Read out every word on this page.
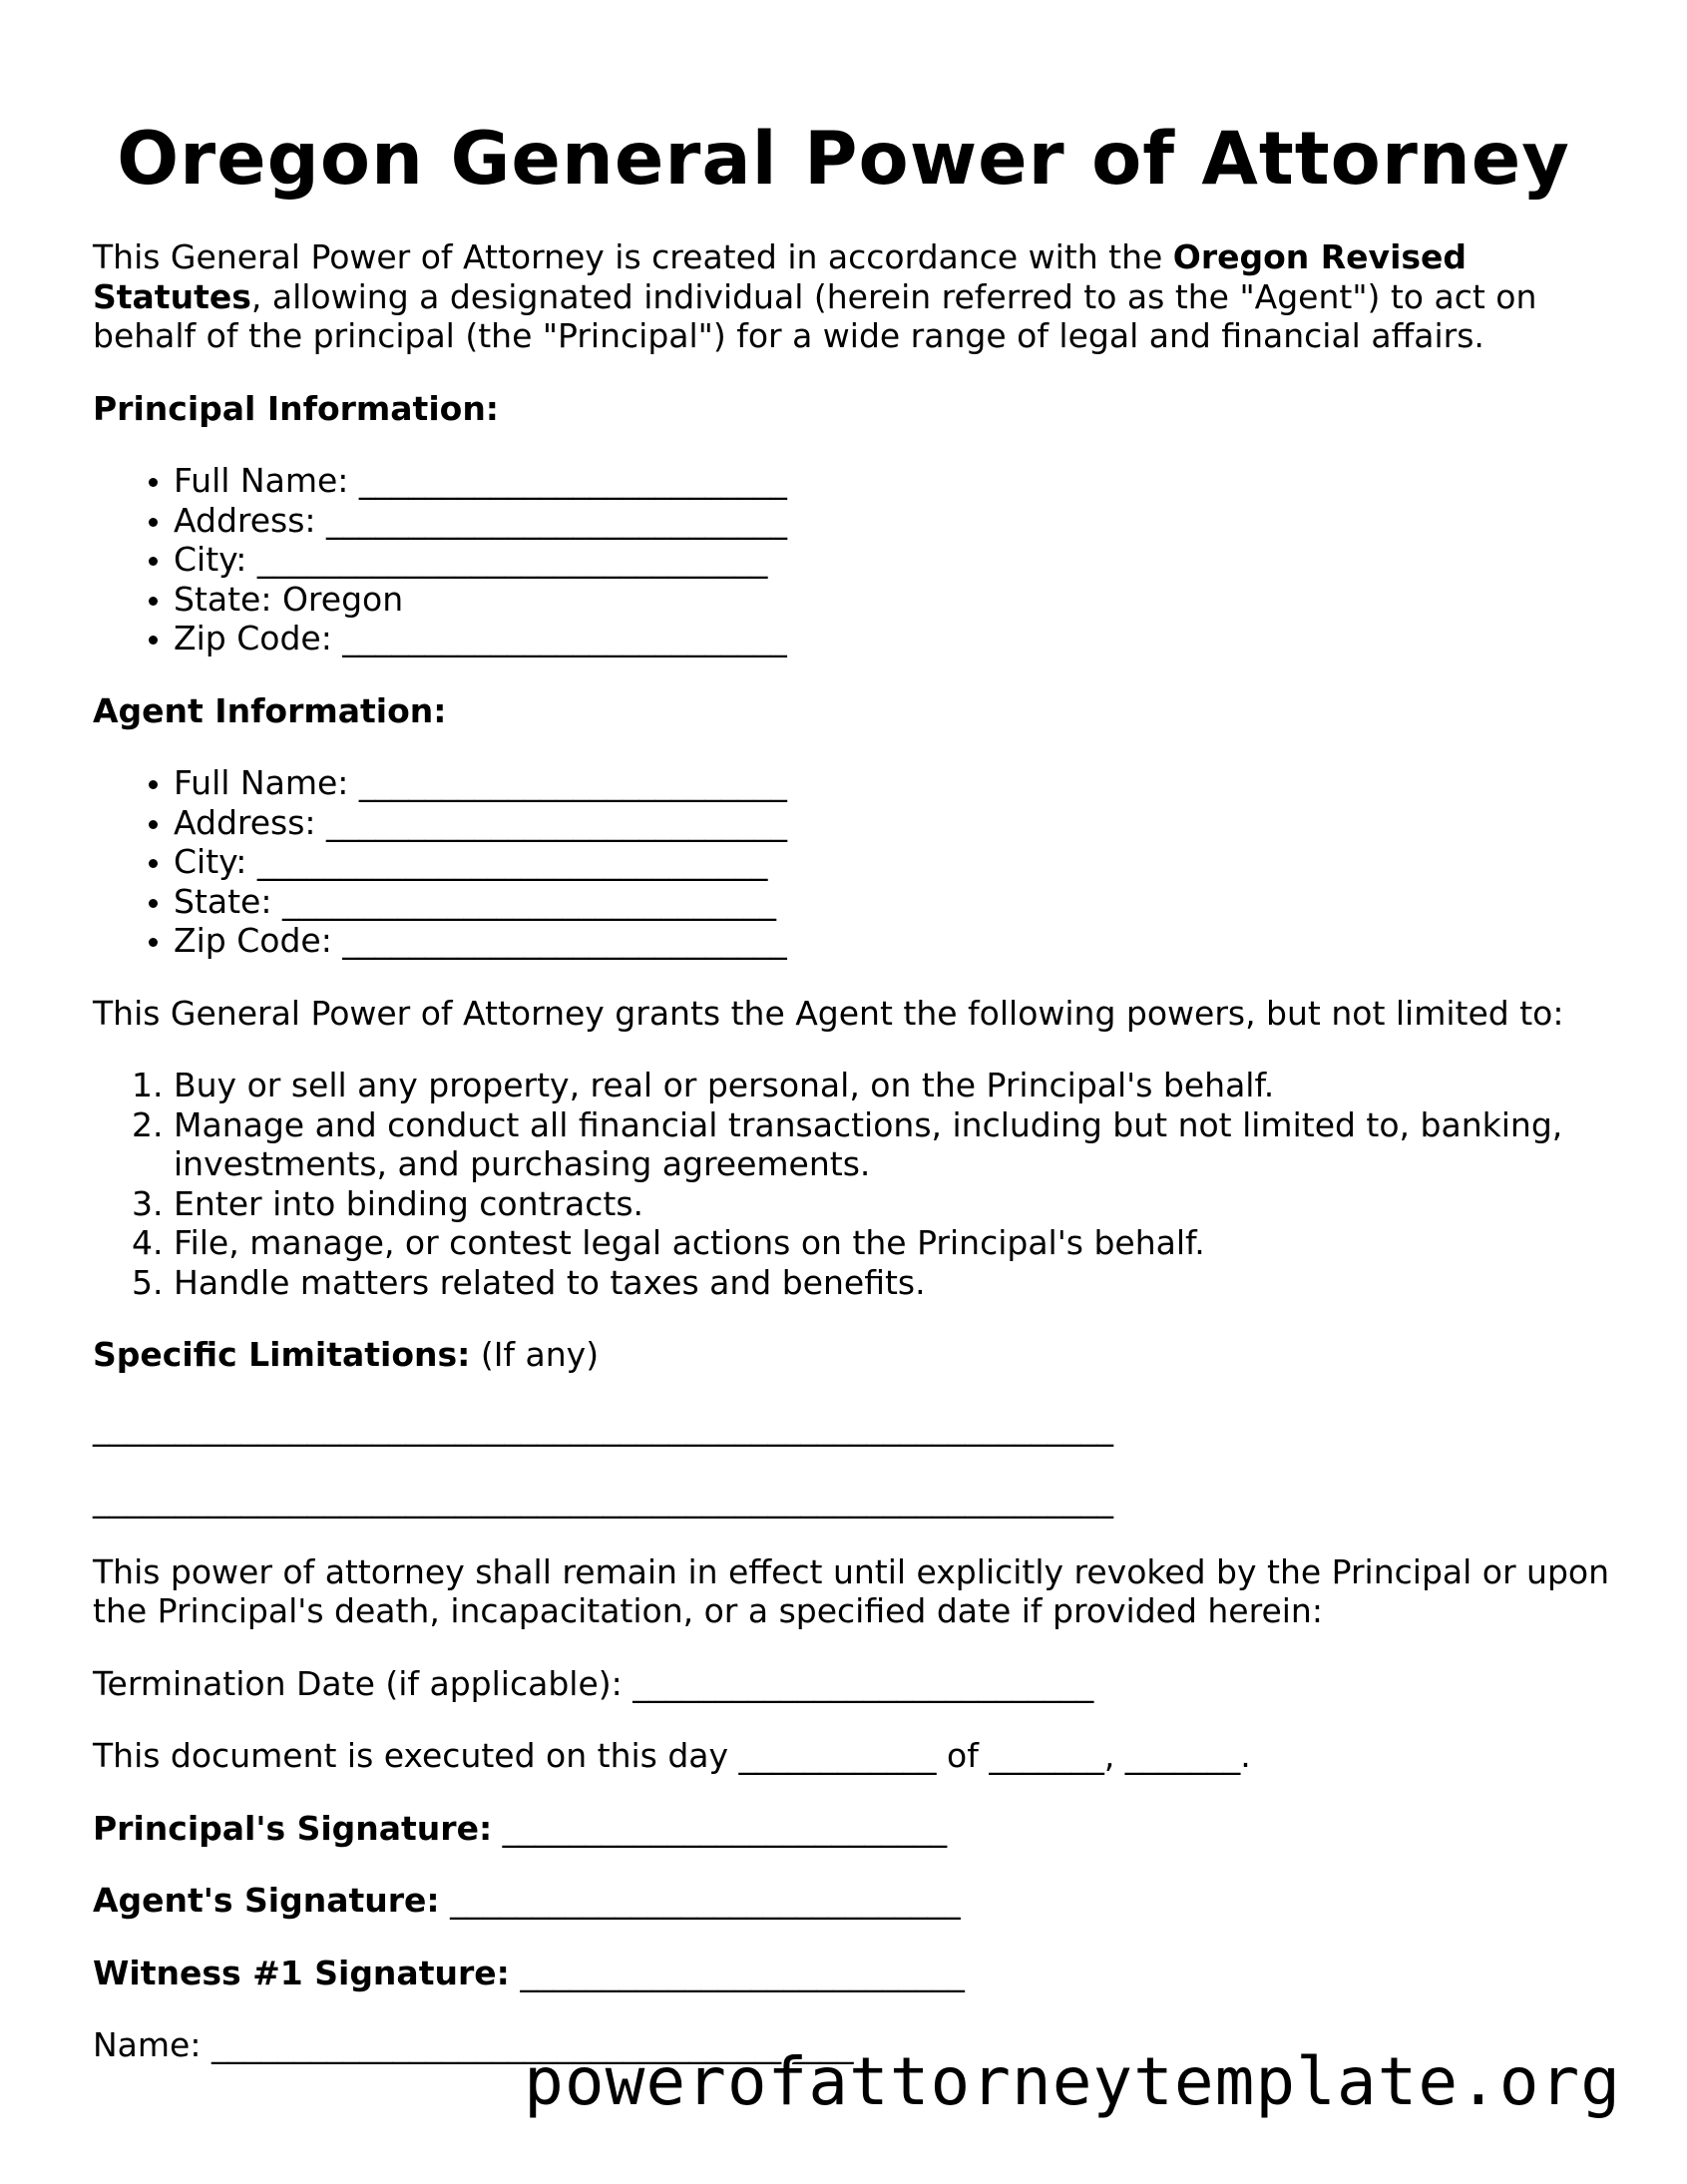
Oregon General Power of Attorney

This General Power of Attorney is created in accordance with the Oregon Revised Statutes, allowing a designated individual (herein referred to as the "Agent") to act on behalf of the principal (the "Principal") for a wide range of legal and financial affairs.

Principal Information:

• Full Name: __________________________
• Address: ____________________________
• City: _______________________________
• State: Oregon
• Zip Code: ___________________________

Agent Information:

• Full Name: __________________________
• Address: ____________________________
• City: _______________________________
• State: ______________________________
• Zip Code: ___________________________

This General Power of Attorney grants the Agent the following powers, but not limited to:

1. Buy or sell any property, real or personal, on the Principal's behalf.
2. Manage and conduct all financial transactions, including but not limited to, banking, investments, and purchasing agreements.
3. Enter into binding contracts.
4. File, manage, or contest legal actions on the Principal's behalf.
5. Handle matters related to taxes and benefits.

Specific Limitations: (If any)

______________________________________________________________

______________________________________________________________

This power of attorney shall remain in effect until explicitly revoked by the Principal or upon the Principal's death, incapacitation, or a specified date if provided herein:

Termination Date (if applicable): ____________________________

This document is executed on this day ____________ of _______, _______.

Principal's Signature: ___________________________

Agent's Signature: _______________________________

Witness #1 Signature: ___________________________

Name: _______________________________________

powerofattorneytemplate.org
